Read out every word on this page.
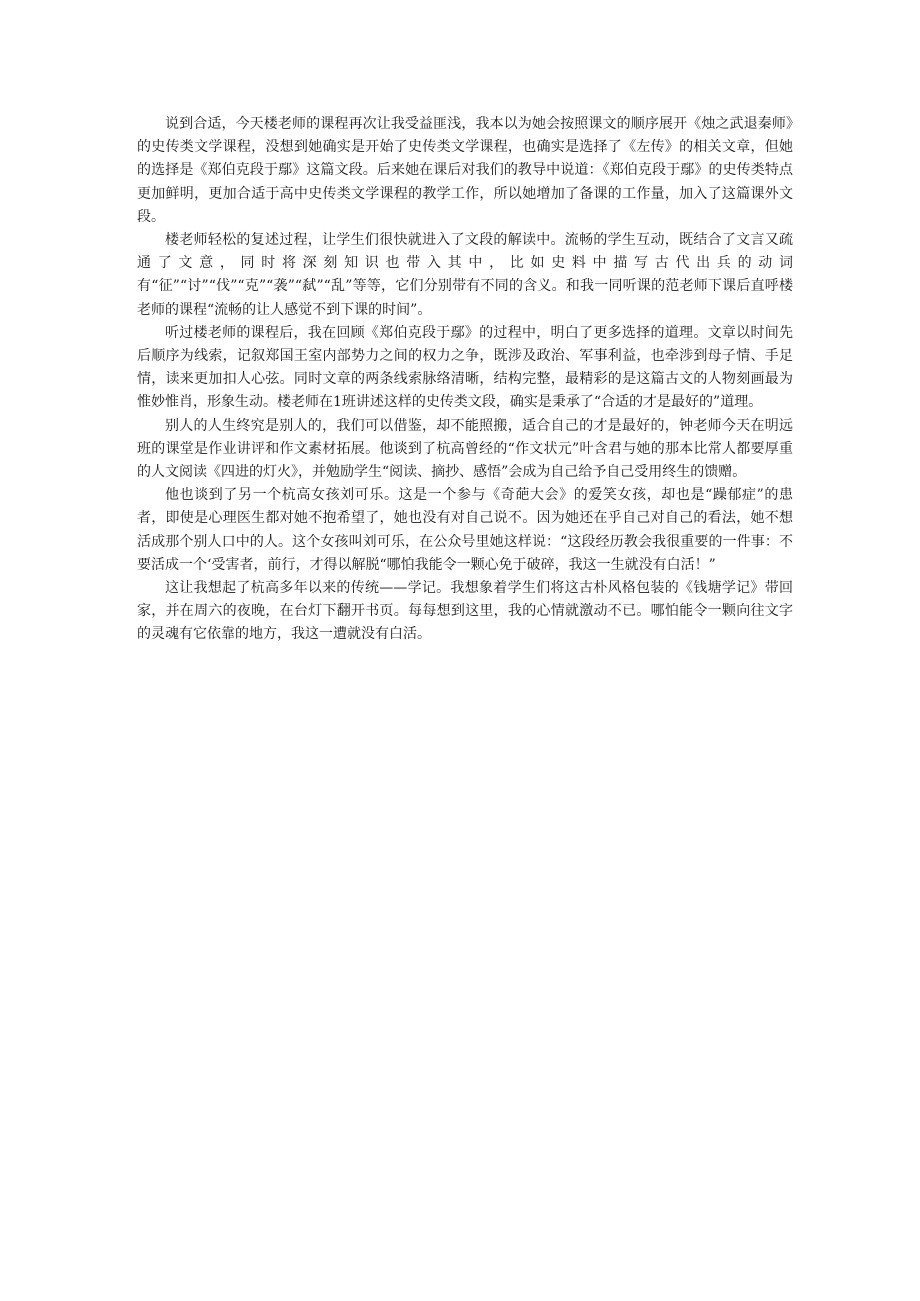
说到合适，今天楼老师的课程再次让我受益匪浅，我本以为她会按照课文的顺序展开《烛之武退秦师》的史传类文学课程，没想到她确实是开始了史传类文学课程，也确实是选择了《左传》的相关文章，但她的选择是《郑伯克段于鄢》这篇文段。后来她在课后对我们的教导中说道：《郑伯克段于鄢》的史传类特点更加鲜明，更加合适于高中史传类文学课程的教学工作，所以她增加了备课的工作量，加入了这篇课外文段。

楼老师轻松的复述过程，让学生们很快就进入了文段的解读中。流畅的学生互动，既结合了文言又疏通了文意，同时将深刻知识也带入其中，比如史料中描写古代出兵的动词有“征”“讨”“伐”“克”“袭”“弑”“乱”等等，它们分别带有不同的含义。和我一同听课的范老师下课后直呼楼老师的课程“流畅的让人感觉不到下课的时间”。

听过楼老师的课程后，我在回顾《郑伯克段于鄢》的过程中，明白了更多选择的道理。文章以时间先后顺序为线索，记叙郑国王室内部势力之间的权力之争，既涉及政治、军事利益，也牵涉到母子情、手足情，读来更加扣人心弦。同时文章的两条线索脉络清晰，结构完整，最精彩的是这篇古文的人物刻画最为惟妙惟肖，形象生动。楼老师在1班讲述这样的史传类文段，确实是秉承了“合适的才是最好的”道理。

别人的人生终究是别人的，我们可以借鉴，却不能照搬，适合自己的才是最好的，钟老师今天在明远班的课堂是作业讲评和作文素材拓展。他谈到了杭高曾经的“作文状元”叶含君与她的那本比常人都要厚重的人文阅读《四进的灯火》，并勉励学生“阅读、摘抄、感悟”会成为自己给予自己受用终生的馈赠。

他也谈到了另一个杭高女孩刘可乐。这是一个参与《奇葩大会》的爱笑女孩，却也是“躁郁症”的患者，即使是心理医生都对她不抱希望了，她也没有对自己说不。因为她还在乎自己对自己的看法，她不想活成那个别人口中的人。这个女孩叫刘可乐，在公众号里她这样说：“这段经历教会我很重要的一件事：不要活成一个‘受害者，前行，才得以解脱“哪怕我能令一颗心免于破碎，我这一生就没有白活！”

这让我想起了杭高多年以来的传统——学记。我想象着学生们将这古朴风格包装的《钱塘学记》带回家，并在周六的夜晚，在台灯下翻开书页。每每想到这里，我的心情就激动不已。哪怕能令一颗向往文字的灵魂有它依靠的地方，我这一遭就没有白活。
